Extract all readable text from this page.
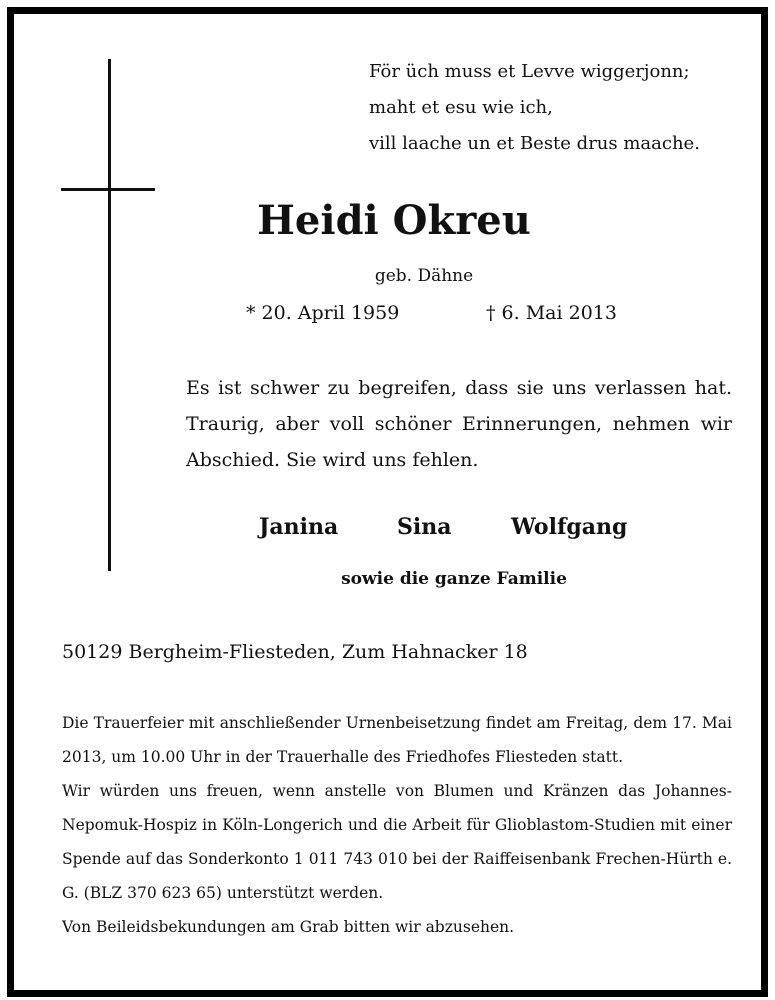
För üch muss et Levve wiggerjonn;
maht et esu wie ich,
vill laache un et Beste drus maache.
Heidi Okreu
geb. Dähne
* 20. April 1959	† 6. Mai 2013
Es ist schwer zu begreifen, dass sie uns verlassen hat. Traurig, aber voll schöner Erinnerungen, nehmen wir Abschied. Sie wird uns fehlen.
Janina	Sina	Wolfgang
sowie die ganze Familie
50129 Bergheim-Fliesteden, Zum Hahnacker 18

Die Trauerfeier mit anschließender Urnenbeisetzung findet am Freitag, dem 17. Mai 2013, um 10.00 Uhr in der Trauerhalle des Friedhofes Fliesteden statt.

Wir würden uns freuen, wenn anstelle von Blumen und Kränzen das Johannes-Nepomuk-Hospiz in Köln-Longerich und die Arbeit für Glioblastom-Studien mit einer Spende auf das Sonderkonto 1 011 743 010 bei der Raiffeisenbank Frechen-Hürth e. G. (BLZ 370 623 65) unterstützt werden.

Von Beileidsbekundungen am Grab bitten wir abzusehen.
